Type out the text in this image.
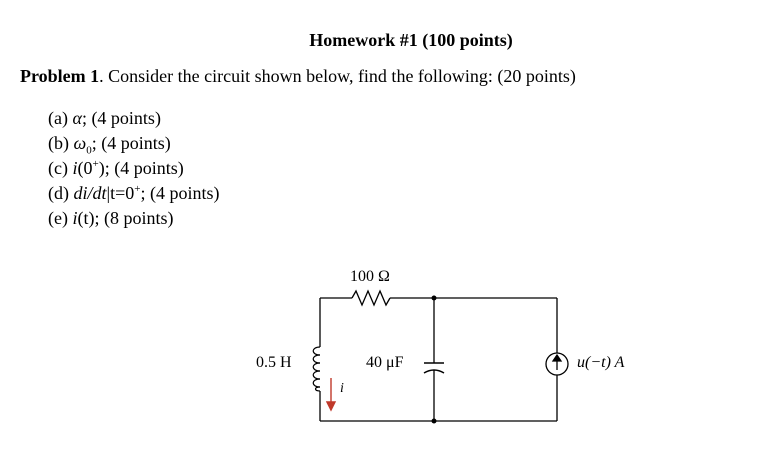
Homework #1 (100 points)
Problem 1. Consider the circuit shown below, find the following: (20 points)
(a) α; (4 points)
(b) $\omega_0$; (4 points)
(c) i(0+); (4 points)
(d) di/dt|t=0+; (4 points)
(e) i(t); (8 points)
100 Ω
0.5 H	40 μF	u(−t) A
i
